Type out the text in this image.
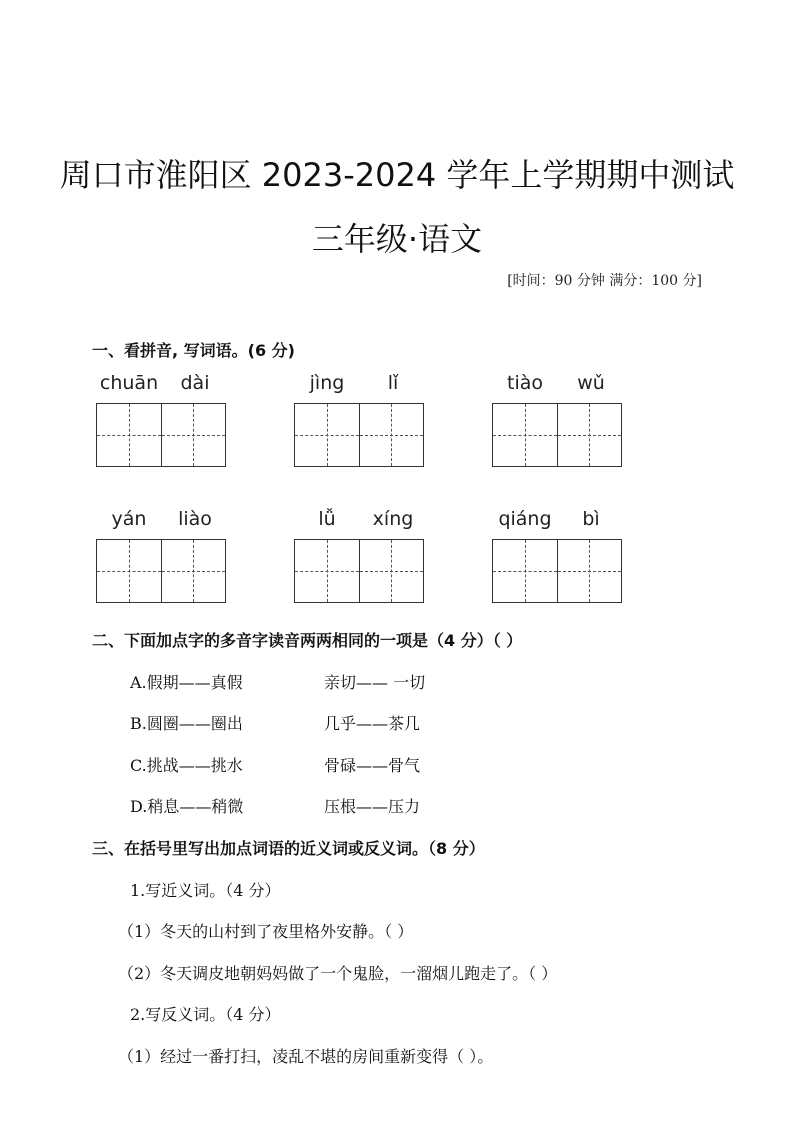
周口市淮阳区 2023-2024 学年上学期期中测试
三年级·语文
[时间：90 分钟 满分：100 分]
一、看拼音, 写词语。(6 分)
chuān	dài	jìng	lǐ	tiào	wǔ
yán	liào	lǚ	xíng	qiáng	bì
二、下面加点字的多音字读音两两相同的一项是（4 分）（ ）
A.假期——真假	亲切—— 一切
B.圆圈——圈出	几乎——茶几
C.挑战——挑水	骨碌——骨气
D.稍息——稍微	压根——压力
三、在括号里写出加点词语的近义词或反义词。（8 分）
1.写近义词。（4 分）
（1）冬天的山村到了夜里格外安静。（ ）
（2）冬天调皮地朝妈妈做了一个鬼脸，一溜烟儿跑走了。（ ）
2.写反义词。（4 分）
（1）经过一番打扫，凌乱不堪的房间重新变得（ ）。
